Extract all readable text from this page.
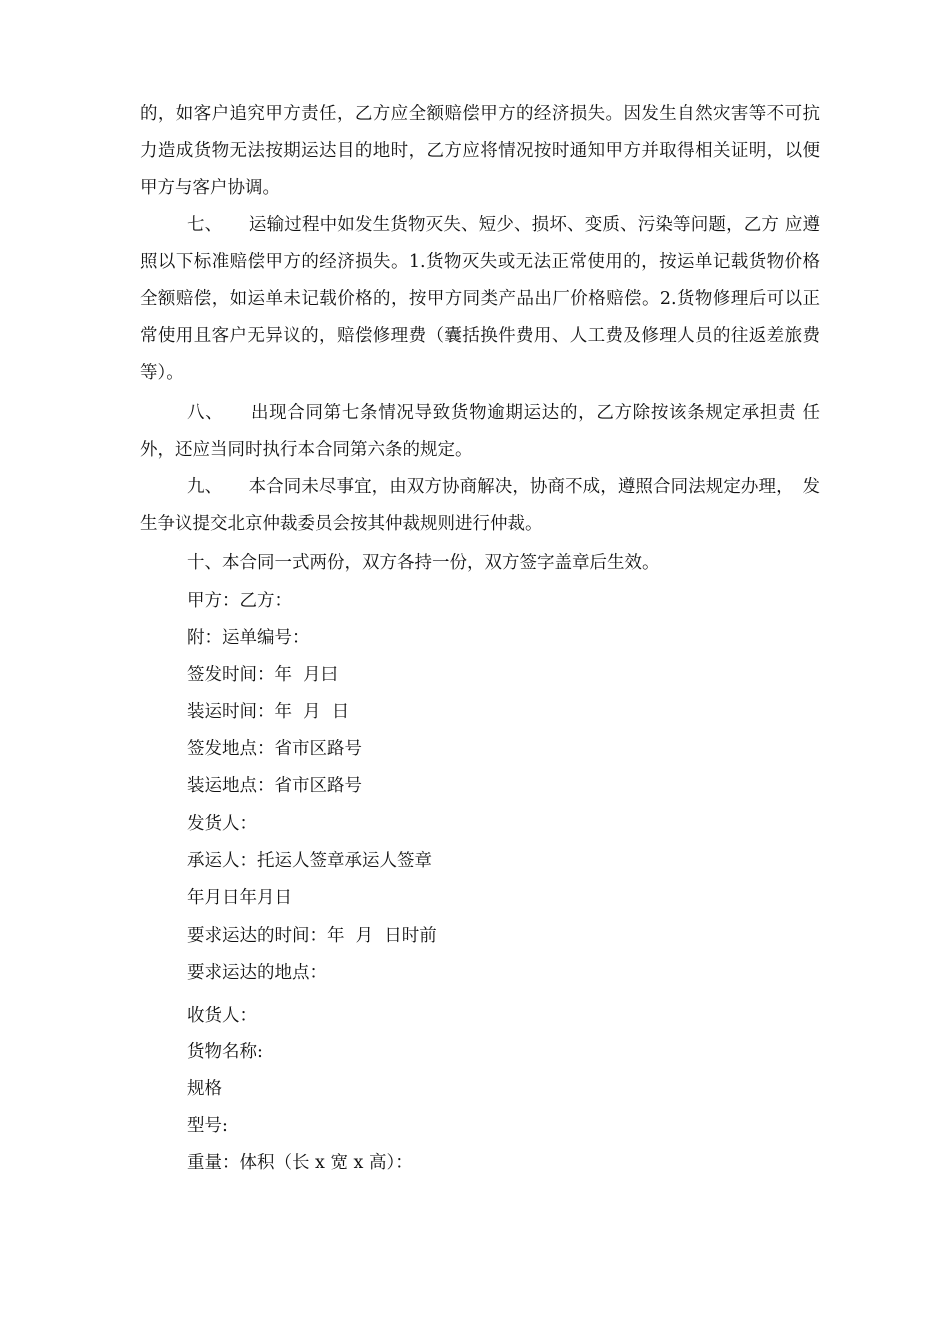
的，如客户追究甲方责任，乙方应全额赔偿甲方的经济损失。因发生自然灾害等不可抗力造成货物无法按期运达目的地时，乙方应将情况按时通知甲方并取得相关证明，以便甲方与客户协调。

七、　　运输过程中如发生货物灭失、短少、损坏、变质、污染等问题，乙方 应遵照以下标准赔偿甲方的经济损失。1.货物灭失或无法正常使用的，按运单记载货物价格全额赔偿，如运单未记载价格的，按甲方同类产品出厂价格赔偿。2.货物修理后可以正常使用且客户无异议的，赔偿修理费（囊括换件费用、人工费及修理人员的往返差旅费等）。

八、　　出现合同第七条情况导致货物逾期运达的，乙方除按该条规定承担责 任外，还应当同时执行本合同第六条的规定。

九、　　本合同未尽事宜，由双方协商解决，协商不成，遵照合同法规定办理，　发生争议提交北京仲裁委员会按其仲裁规则进行仲裁。

十、本合同一式两份，双方各持一份，双方签字盖章后生效。

甲方：乙方：

附：运单编号：

签发时间：年  月曰

装运时间：年  月  日

签发地点：省市区路号

装运地点：省市区路号

发货人：

承运人：托运人签章承运人签章

年月日年月日

要求运达的时间：年  月  日时前

要求运达的地点：

收货人：

货物名称:

规格

型号:

重量：体积（长 x 宽 x 高）：
